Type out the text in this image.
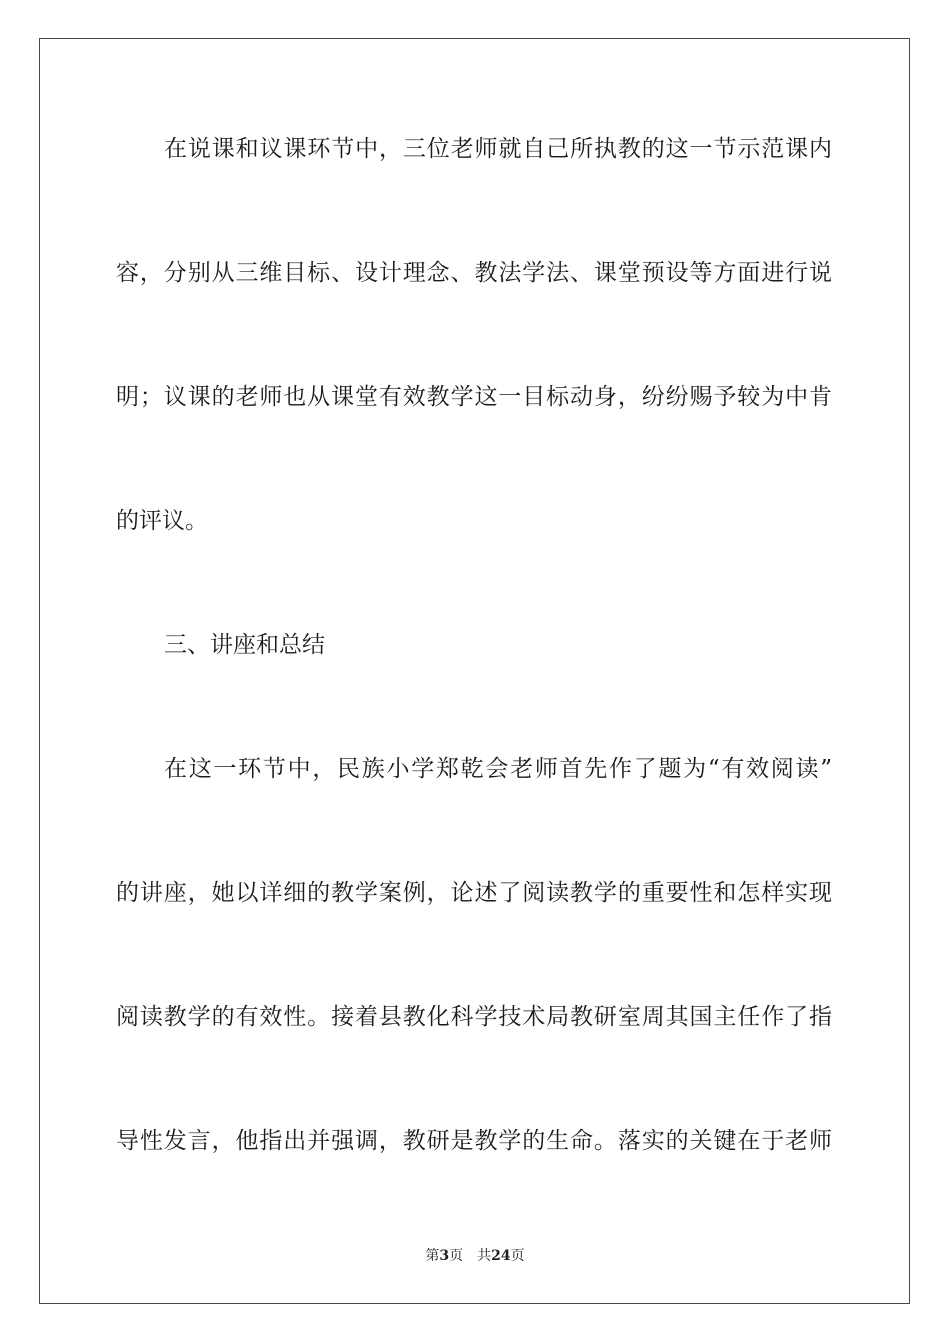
在说课和议课环节中，三位老师就自己所执教的这一节示范课内
容，分别从三维目标、设计理念、教法学法、课堂预设等方面进行说
明；议课的老师也从课堂有效教学这一目标动身，纷纷赐予较为中肯
的评议。
三、讲座和总结
在这一环节中，民族小学郑乾会老师首先作了题为“有效阅读”
的讲座，她以详细的教学案例，论述了阅读教学的重要性和怎样实现
阅读教学的有效性。接着县教化科学技术局教研室周其国主任作了指
导性发言，他指出并强调，教研是教学的生命。落实的关键在于老师
第3页 共24页
